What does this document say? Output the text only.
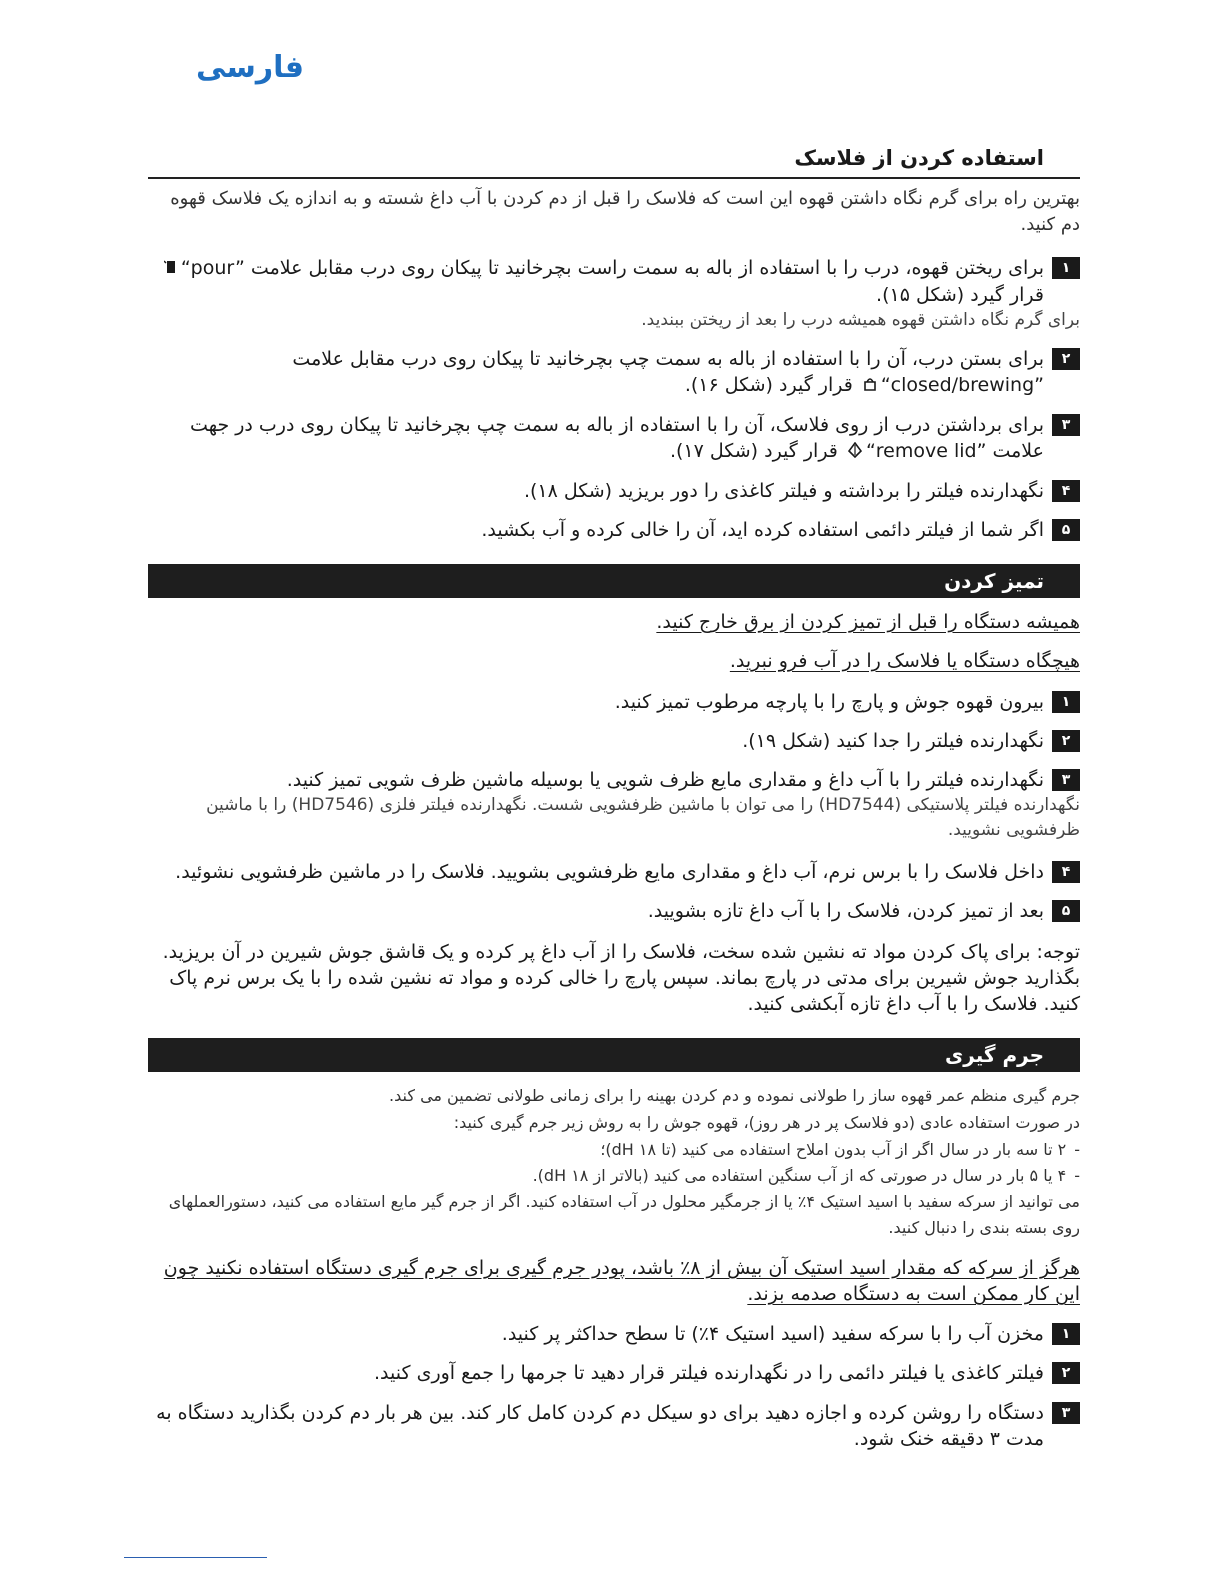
فارسی
استفاده کردن از فلاسک
بهترین راه برای گرم نگاه داشتن قهوه این است که فلاسک را قبل از دم کردن با آب داغ شسته و به اندازه یک فلاسک قهوه دم کنید.
۱
برای ریختن قهوه، درب را با استفاده از باله به سمت راست بچرخانید تا پیکان روی درب مقابل علامت “pour” قرار گیرد (شکل ۱۵).
برای گرم نگاه داشتن قهوه همیشه درب را بعد از ریختن ببندید.
۲
برای بستن درب، آن را با استفاده از باله به سمت چپ بچرخانید تا پیکان روی درب مقابل علامت “closed/brewing” قرار گیرد (شکل ۱۶).
۳
برای برداشتن درب از روی فلاسک، آن را با استفاده از باله به سمت چپ بچرخانید تا پیکان روی درب در جهت علامت “remove lid” قرار گیرد (شکل ۱۷).
۴
نگهدارنده فیلتر را برداشته و فیلتر کاغذی را دور بریزید (شکل ۱۸).
۵
اگر شما از فیلتر دائمی استفاده کرده اید، آن را خالی کرده و آب بکشید.
تمیز کردن
همیشه دستگاه را قبل از تمیز کردن از برق خارج کنید.
هیچگاه دستگاه یا فلاسک را در آب فرو نبرید.
۱
بیرون قهوه جوش و پارچ را با پارچه مرطوب تمیز کنید.
۲
نگهدارنده فیلتر را جدا کنید (شکل ۱۹).
۳
نگهدارنده فیلتر را با آب داغ و مقداری مایع ظرف شویی یا بوسیله ماشین ظرف شویی تمیز کنید.
نگهدارنده فیلتر پلاستیکی (HD7544) را می توان با ماشین ظرفشویی شست. نگهدارنده فیلتر فلزی (HD7546) را با ماشین ظرفشویی نشویید.
۴
داخل فلاسک را با برس نرم، آب داغ و مقداری مایع ظرفشویی بشویید. فلاسک را در ماشین ظرفشویی نشوئید.
۵
بعد از تمیز کردن، فلاسک را با آب داغ تازه بشویید.
توجه: برای پاک کردن مواد ته نشین شده سخت، فلاسک را از آب داغ پر کرده و یک قاشق جوش شیرین در آن بریزید. بگذارید جوش شیرین برای مدتی در پارچ بماند. سپس پارچ را خالی کرده و مواد ته نشین شده را با یک برس نرم پاک کنید. فلاسک را با آب داغ تازه آبکشی کنید.
جرم گیری
جرم گیری منظم عمر قهوه ساز را طولانی نموده و دم کردن بهینه را برای زمانی طولانی تضمین می کند.
در صورت استفاده عادی (دو فلاسک پر در هر روز)، قهوه جوش را به روش زیر جرم گیری کنید:
-۲ تا سه بار در سال اگر از آب بدون املاح استفاده می کنید (تا ۱۸ dH)؛
-۴ یا ۵ بار در سال در صورتی که از آب سنگین استفاده می کنید (بالاتر از ۱۸ dH).
می توانید از سرکه سفید با اسید استیک ۴٪ یا از جرمگیر محلول در آب استفاده کنید. اگر از جرم گیر مایع استفاده می کنید، دستورالعملهای روی بسته بندی را دنبال کنید.
هرگز از سرکه که مقدار اسید استیک آن بیش از ۸٪ باشد، پودر جرم گیری برای جرم گیری دستگاه استفاده نکنید چون این کار ممکن است به دستگاه صدمه بزند.
۱
مخزن آب را با سرکه سفید (اسید استیک ۴٪) تا سطح حداکثر پر کنید.
۲
فیلتر کاغذی یا فیلتر دائمی را در نگهدارنده فیلتر قرار دهید تا جرمها را جمع آوری کنید.
۳
دستگاه را روشن کرده و اجازه دهید برای دو سیکل دم کردن کامل کار کند. بین هر بار دم کردن بگذارید دستگاه به مدت ۳ دقیقه خنک شود.
